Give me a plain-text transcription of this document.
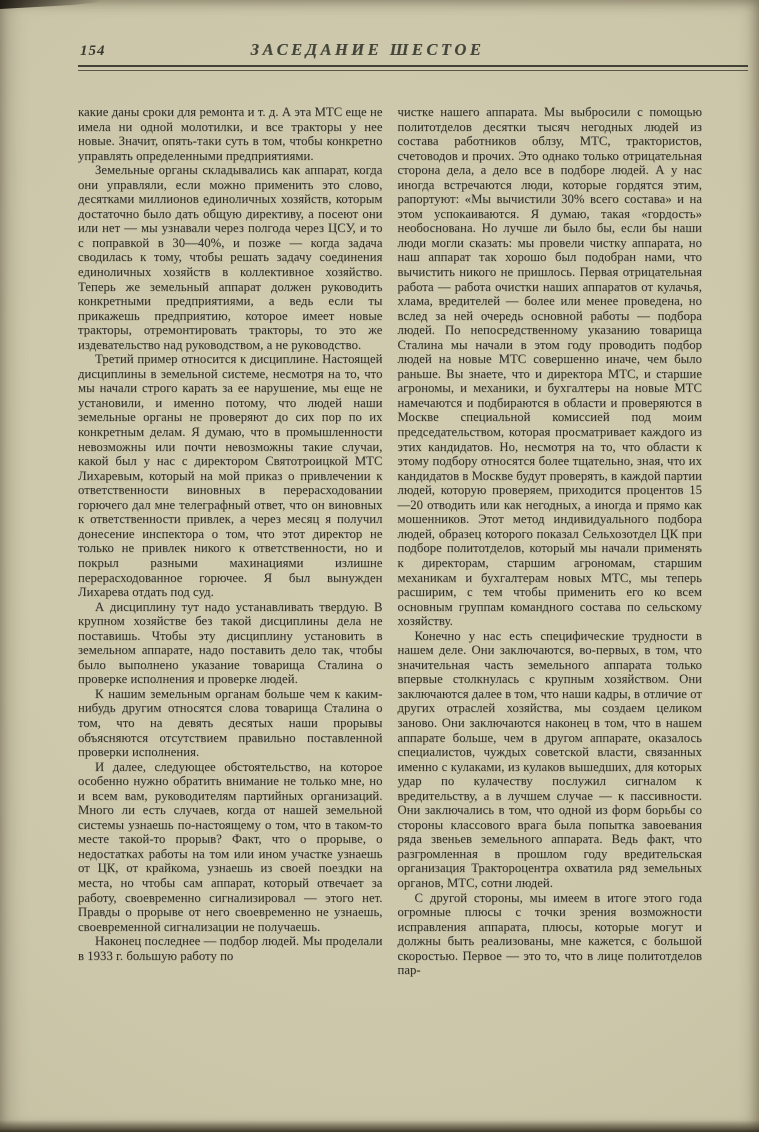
154	ЗАСЕДАНИЕ ШЕСТОЕ

какие даны сроки для ремонта и т. д. А эта МТС еще не имела ни одной молотилки, и все тракторы у нее новые. Значит, опять-таки суть в том, чтобы конкретно управлять определенными предприятиями.

Земельные органы складывались как аппарат, когда они управляли, если можно применить это слово, десятками миллионов единоличных хозяйств, которым достаточно было дать общую директиву, а посеют они или нет — мы узнавали через полгода через ЦСУ, и то с поправкой в 30—40%, и позже — когда задача сводилась к тому, чтобы решать задачу соединения единоличных хозяйств в коллективное хозяйство. Теперь же земельный аппарат должен руководить конкретными предприятиями, а ведь если ты прикажешь предприятию, которое имеет новые тракторы, отремонтировать тракторы, то это же издевательство над руководством, а не руководство.

Третий пример относится к дисциплине. Настоящей дисциплины в земельной системе, несмотря на то, что мы начали строго карать за ее нарушение, мы еще не установили, и именно потому, что людей наши земельные органы не проверяют до сих пор по их конкретным делам. Я думаю, что в промышленности невозможны или почти невозможны такие случаи, какой был у нас с директором Святотроицкой МТС Лихаревым, который на мой приказ о привлечении к ответственности виновных в перерасходовании горючего дал мне телеграфный ответ, что он виновных к ответственности привлек, а через месяц я получил донесение инспектора о том, что этот директор не только не привлек никого к ответственности, но и покрыл разными махинациями излишне перерасходованное горючее. Я был вынужден Лихарева отдать под суд.

А дисциплину тут надо устанавливать твердую. В крупном хозяйстве без такой дисциплины дела не поставишь. Чтобы эту дисциплину установить в земельном аппарате, надо поставить дело так, чтобы было выполнено указание товарища Сталина о проверке исполнения и проверке людей.

К нашим земельным органам больше чем к каким-нибудь другим относятся слова товарища Сталина о том, что на девять десятых наши прорывы объясняются отсутствием правильно поставленной проверки исполнения.

И далее, следующее обстоятельство, на которое особенно нужно обратить внимание не только мне, но и всем вам, руководителям партийных организаций. Много ли есть случаев, когда от нашей земельной системы узнаешь по-настоящему о том, что в таком-то месте такой-то прорыв? Факт, что о прорыве, о недостатках работы на том или ином участке узнаешь от ЦК, от крайкома, узнаешь из своей поездки на места, но чтобы сам аппарат, который отвечает за работу, своевременно сигнализировал — этого нет. Правды о прорыве от него своевременно не узнаешь, своевременной сигнализации не получаешь.

Наконец последнее — подбор людей. Мы проделали в 1933 г. большую работу по

чистке нашего аппарата. Мы выбросили с помощью политотделов десятки тысяч негодных людей из состава работников облзу, МТС, трактористов, счетоводов и прочих. Это однако только отрицательная сторона дела, а дело все в подборе людей. А у нас иногда встречаются люди, которые гордятся этим, рапортуют: «Мы вычистили 30% всего состава» и на этом успокаиваются. Я думаю, такая «гордость» необоснована. Но лучше ли было бы, если бы наши люди могли сказать: мы провели чистку аппарата, но наш аппарат так хорошо был подобран нами, что вычистить никого не пришлось. Первая отрицательная работа — работа очистки наших аппаратов от кулачья, хлама, вредителей — более или менее проведена, но вслед за ней очередь основной работы — подбора людей. По непосредственному указанию товарища Сталина мы начали в этом году проводить подбор людей на новые МТС совершенно иначе, чем было раньше. Вы знаете, что и директора МТС, и старшие агрономы, и механики, и бухгалтеры на новые МТС намечаются и подбираются в области и проверяются в Москве специальной комиссией под моим председательством, которая просматривает каждого из этих кандидатов. Но, несмотря на то, что области к этому подбору относятся более тщательно, зная, что их кандидатов в Москве будут проверять, в каждой партии людей, которую проверяем, приходится процентов 15—20 отводить или как негодных, а иногда и прямо как мошенников. Этот метод индивидуального подбора людей, образец которого показал Сельхозотдел ЦК при подборе политотделов, который мы начали применять к директорам, старшим агрономам, старшим механикам и бухгалтерам новых МТС, мы теперь расширим, с тем чтобы применить его ко всем основным группам командного состава по сельскому хозяйству.

Конечно у нас есть специфические трудности в нашем деле. Они заключаются, во-первых, в том, что значительная часть земельного аппарата только впервые столкнулась с крупным хозяйством. Они заключаются далее в том, что наши кадры, в отличие от других отраслей хозяйства, мы создаем целиком заново. Они заключаются наконец в том, что в нашем аппарате больше, чем в другом аппарате, оказалось специалистов, чуждых советской власти, связанных именно с кулаками, из кулаков вышедших, для которых удар по кулачеству послужил сигналом к вредительству, а в лучшем случае — к пассивности. Они заключались в том, что одной из форм борьбы со стороны классового врага была попытка завоевания ряда звеньев земельного аппарата. Ведь факт, что разгромленная в прошлом году вредительская организация Трактороцентра охватила ряд земельных органов, МТС, сотни людей.

С другой стороны, мы имеем в итоге этого года огромные плюсы с точки зрения возможности исправления аппарата, плюсы, которые могут и должны быть реализованы, мне кажется, с большой скоростью. Первое — это то, что в лице политотделов пар-
